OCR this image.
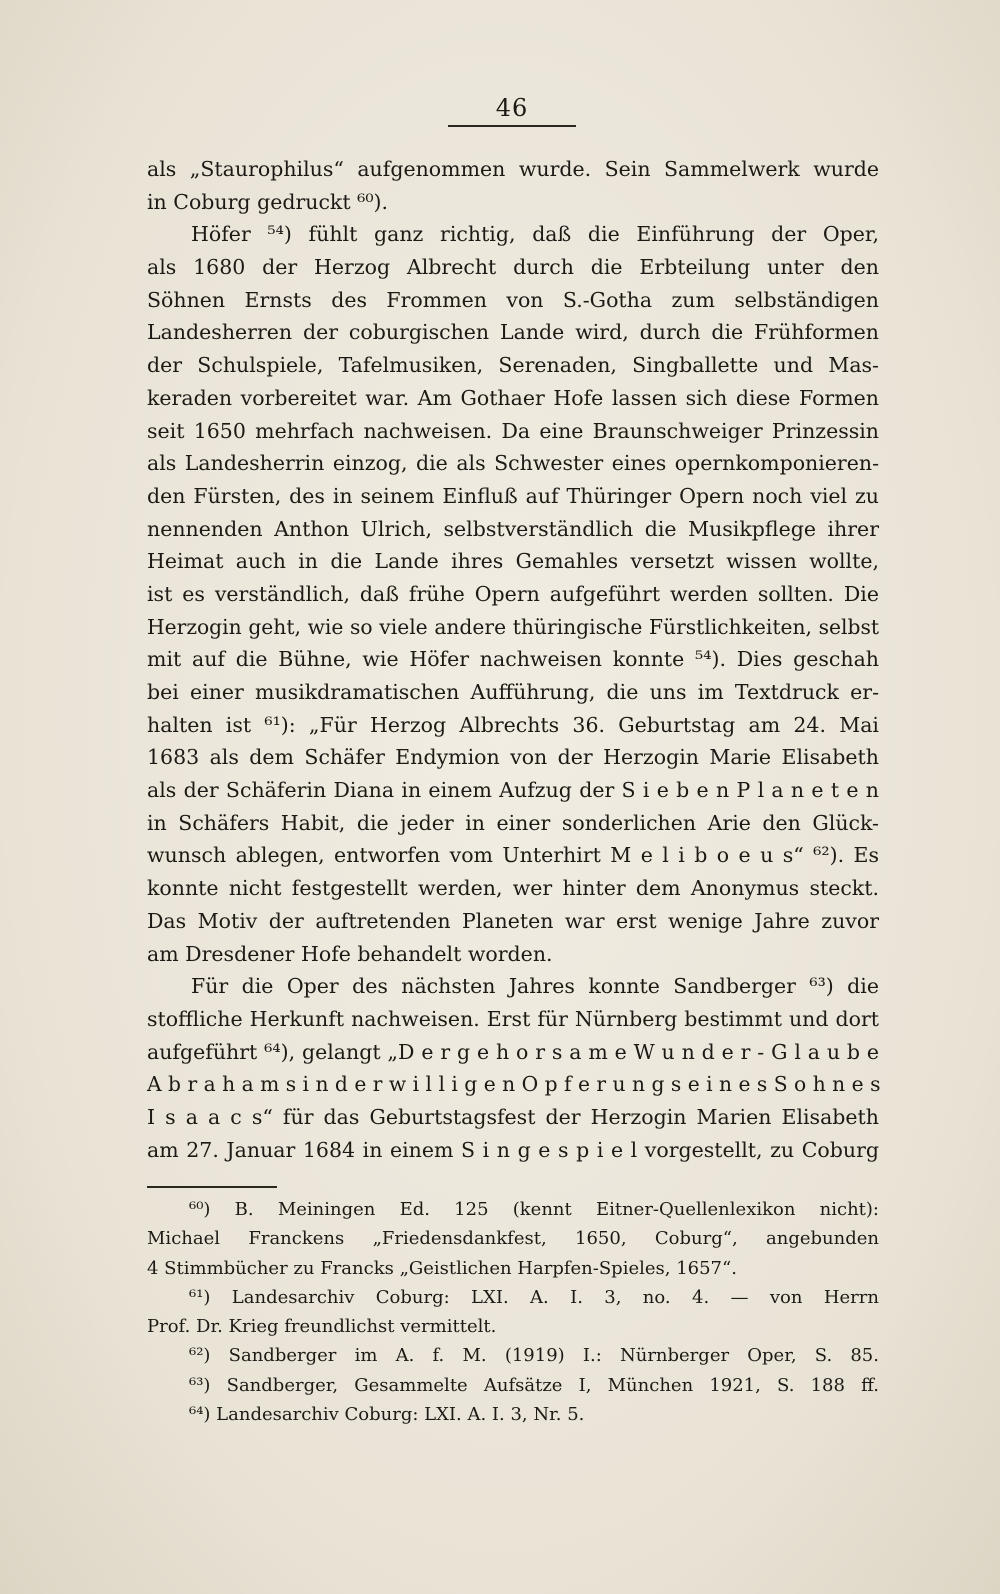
46
als „Staurophilus“ aufgenommen wurde. Sein Sammelwerk wurde
in Coburg gedruckt ⁶⁰).
Höfer ⁵⁴) fühlt ganz richtig, daß die Einführung der Oper,
als 1680 der Herzog Albrecht durch die Erbteilung unter den
Söhnen Ernsts des Frommen von S.-Gotha zum selbständigen
Landesherren der coburgischen Lande wird, durch die Frühformen
der Schulspiele, Tafelmusiken, Serenaden, Singballette und Mas-
keraden vorbereitet war. Am Gothaer Hofe lassen sich diese Formen
seit 1650 mehrfach nachweisen. Da eine Braunschweiger Prinzessin
als Landesherrin einzog, die als Schwester eines opernkomponieren-
den Fürsten, des in seinem Einfluß auf Thüringer Opern noch viel zu
nennenden Anthon Ulrich, selbstverständlich die Musikpflege ihrer
Heimat auch in die Lande ihres Gemahles versetzt wissen wollte,
ist es verständlich, daß frühe Opern aufgeführt werden sollten. Die
Herzogin geht, wie so viele andere thüringische Fürstlichkeiten, selbst
mit auf die Bühne, wie Höfer nachweisen konnte ⁵⁴). Dies geschah
bei einer musikdramatischen Aufführung, die uns im Textdruck er-
halten ist ⁶¹): „Für Herzog Albrechts 36. Geburtstag am 24. Mai
1683 als dem Schäfer Endymion von der Herzogin Marie Elisabeth
als der Schäferin Diana in einem Aufzug der S i e b e n P l a n e t e n
in Schäfers Habit, die jeder in einer sonderlichen Arie den Glück-
wunsch ablegen, entworfen vom Unterhirt M e l i b o e u s“ ⁶²). Es
konnte nicht festgestellt werden, wer hinter dem Anonymus steckt.
Das Motiv der auftretenden Planeten war erst wenige Jahre zuvor
am Dresdener Hofe behandelt worden.
Für die Oper des nächsten Jahres konnte Sandberger ⁶³) die
stoffliche Herkunft nachweisen. Erst für Nürnberg bestimmt und dort
aufgeführt ⁶⁴), gelangt „D e r g e h o r s a m e W u n d e r - G l a u b e
A b r a h a m s i n d e r w i l l i g e n O p f e r u n g s e i n e s S o h n e s
I s a a c s“ für das Geburtstagsfest der Herzogin Marien Elisabeth
am 27. Januar 1684 in einem S i n g e s p i e l vorgestellt, zu Coburg
⁶⁰) B. Meiningen Ed. 125 (kennt Eitner-Quellenlexikon nicht):
Michael Franckens „Friedensdankfest, 1650, Coburg“, angebunden
4 Stimmbücher zu Francks „Geistlichen Harpfen-Spieles, 1657“.
⁶¹) Landesarchiv Coburg: LXI. A. I. 3, no. 4. — von Herrn
Prof. Dr. Krieg freundlichst vermittelt.
⁶²) Sandberger im A. f. M. (1919) I.: Nürnberger Oper, S. 85.
⁶³) Sandberger, Gesammelte Aufsätze I, München 1921, S. 188 ff.
⁶⁴) Landesarchiv Coburg: LXI. A. I. 3, Nr. 5.
